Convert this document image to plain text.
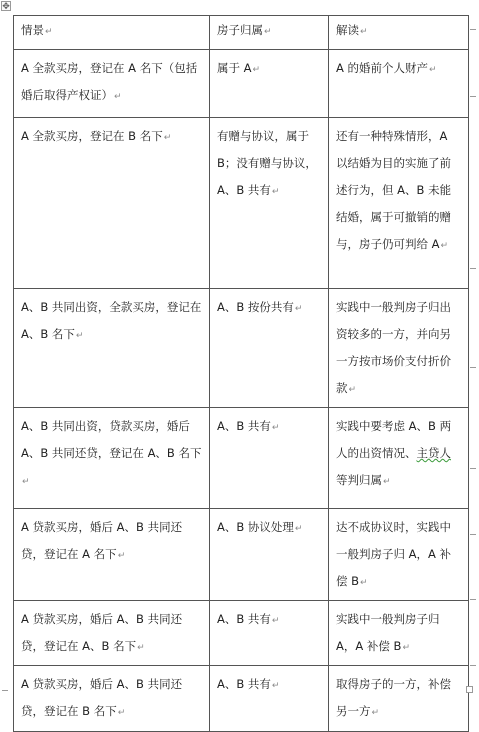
✥
情景↵	房子归属↵	解读↵
A 全款买房，登记在 A 名下（包括婚后取得产权证）↵	属于 A↵	A 的婚前个人财产↵
A 全款买房，登记在 B 名下↵	有赠与协议，属于 B；没有赠与协议，A、B 共有↵	还有一种特殊情形，A 以结婚为目的实施了前述行为，但 A、B 未能结婚，属于可撤销的赠与，房子仍可判给 A↵
A、B 共同出资，全款买房，登记在 A、B 名下↵	A、B 按份共有↵	实践中一般判房子归出资较多的一方，并向另一方按市场价支付折价款↵
A、B 共同出资，贷款买房，婚后 A、B 共同还贷，登记在 A、B 名下↵	A、B 共有↵	实践中要考虑 A、B 两人的出资情况、主贷人等判归属↵
A 贷款买房，婚后 A、B 共同还贷，登记在 A 名下↵	A、B 协议处理↵	达不成协议时，实践中一般判房子归 A，A 补偿 B↵
A 贷款买房，婚后 A、B 共同还贷，登记在 A、B 名下↵	A、B 共有↵	实践中一般判房子归 A，A 补偿 B↵
A 贷款买房，婚后 A、B 共同还贷，登记在 B 名下↵	A、B 共有↵	取得房子的一方，补偿另一方↵
